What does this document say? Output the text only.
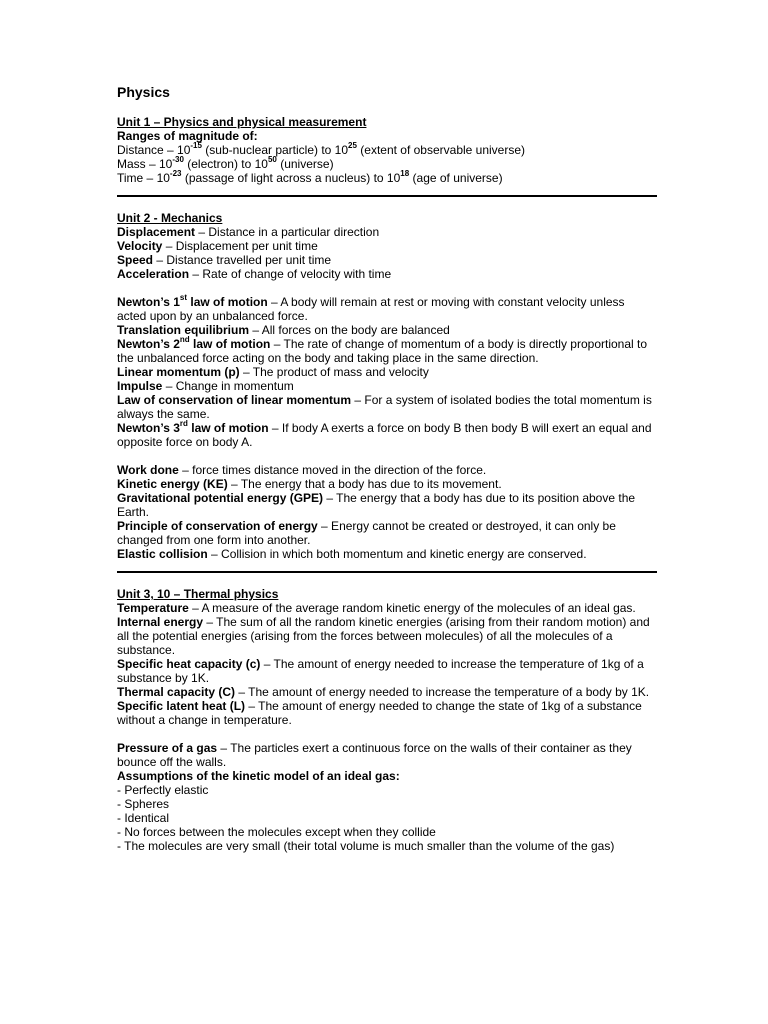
Physics

Unit 1 – Physics and physical measurement

Ranges of magnitude of:

Distance – $10^{-15}$ (sub-nuclear particle) to $10^{25}$ (extent of observable universe)

Mass – $10^{-30}$ (electron) to $10^{50}$ (universe)

Time – $10^{-23}$ (passage of light across a nucleus) to $10^{18}$ (age of universe)

Unit 2 - Mechanics

Displacement – Distance in a particular direction

Velocity – Displacement per unit time

Speed – Distance travelled per unit time

Acceleration – Rate of change of velocity with time

Newton’s 1st law of motion – A body will remain at rest or moving with constant velocity unless acted upon by an unbalanced force.

Translation equilibrium – All forces on the body are balanced

Newton’s 2nd law of motion – The rate of change of momentum of a body is directly proportional to the unbalanced force acting on the body and taking place in the same direction.

Linear momentum (p) – The product of mass and velocity

Impulse – Change in momentum

Law of conservation of linear momentum – For a system of isolated bodies the total momentum is always the same.

Newton’s 3rd law of motion – If body A exerts a force on body B then body B will exert an equal and opposite force on body A.

Work done – force times distance moved in the direction of the force.

Kinetic energy (KE) – The energy that a body has due to its movement.

Gravitational potential energy (GPE) – The energy that a body has due to its position above the Earth.

Principle of conservation of energy – Energy cannot be created or destroyed, it can only be changed from one form into another.

Elastic collision – Collision in which both momentum and kinetic energy are conserved.

Unit 3, 10 – Thermal physics

Temperature – A measure of the average random kinetic energy of the molecules of an ideal gas.

Internal energy – The sum of all the random kinetic energies (arising from their random motion) and all the potential energies (arising from the forces between molecules) of all the molecules of a substance.

Specific heat capacity (c) – The amount of energy needed to increase the temperature of 1kg of a substance by 1K.

Thermal capacity (C) – The amount of energy needed to increase the temperature of a body by 1K.

Specific latent heat (L) – The amount of energy needed to change the state of 1kg of a substance without a change in temperature.

Pressure of a gas – The particles exert a continuous force on the walls of their container as they bounce off the walls.

Assumptions of the kinetic model of an ideal gas:

- Perfectly elastic
- Spheres
- Identical
- No forces between the molecules except when they collide
- The molecules are very small (their total volume is much smaller than the volume of the gas)
